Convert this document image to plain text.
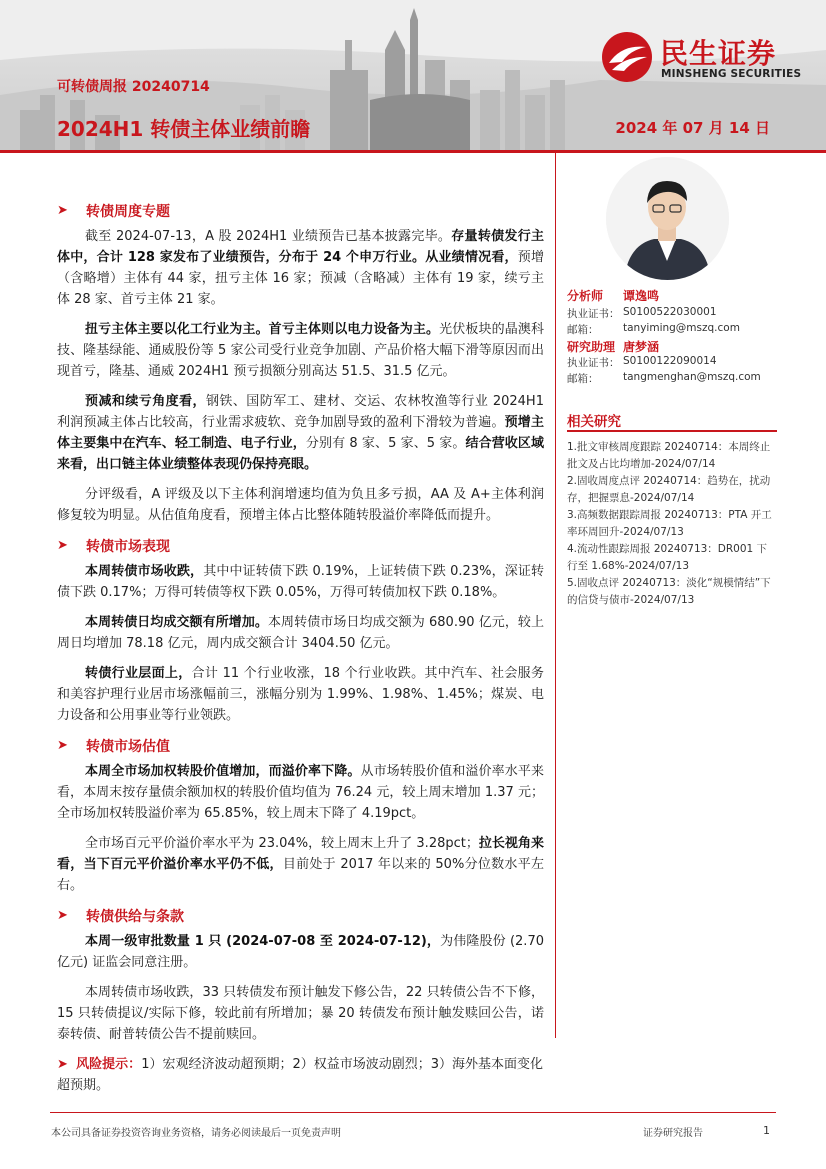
民生证券
MINSHENG SECURITIES
可转债周报 20240714
2024H1 转债主体业绩前瞻	2024 年 07 月 14 日
➤ 转债周度专题

截至 2024-07-13，A 股 2024H1 业绩预告已基本披露完毕。存量转债发行主体中，合计 128 家发布了业绩预告，分布于 24 个申万行业。从业绩情况看，预增（含略增）主体有 44 家，扭亏主体 16 家；预减（含略减）主体有 19 家，续亏主体 28 家、首亏主体 21 家。

扭亏主体主要以化工行业为主。首亏主体则以电力设备为主。光伏板块的晶澳科技、隆基绿能、通威股份等 5 家公司受行业竞争加剧、产品价格大幅下滑等原因而出现首亏，隆基、通威 2024H1 预亏损额分别高达 51.5、31.5 亿元。

预减和续亏角度看，钢铁、国防军工、建材、交运、农林牧渔等行业 2024H1 利润预减主体占比较高，行业需求疲软、竞争加剧导致的盈利下滑较为普遍。预增主体主要集中在汽车、轻工制造、电子行业，分别有 8 家、5 家、5 家。结合营收区域来看，出口链主体业绩整体表现仍保持亮眼。

分评级看，A 评级及以下主体利润增速均值为负且多亏损，AA 及 A+主体利润修复较为明显。从估值角度看，预增主体占比整体随转股溢价率降低而提升。

➤ 转债市场表现

本周转债市场收跌，其中中证转债下跌 0.19%，上证转债下跌 0.23%，深证转债下跌 0.17%；万得可转债等权下跌 0.05%，万得可转债加权下跌 0.18%。

本周转债日均成交额有所增加。本周转债市场日均成交额为 680.90 亿元，较上周日均增加 78.18 亿元，周内成交额合计 3404.50 亿元。

转债行业层面上，合计 11 个行业收涨，18 个行业收跌。其中汽车、社会服务和美容护理行业居市场涨幅前三，涨幅分别为 1.99%、1.98%、1.45%；煤炭、电力设备和公用事业等行业领跌。

➤ 转债市场估值

本周全市场加权转股价值增加，而溢价率下降。从市场转股价值和溢价率水平来看，本周末按存量债余额加权的转股价值均值为 76.24 元，较上周末增加 1.37 元；全市场加权转股溢价率为 65.85%，较上周末下降了 4.19pct。

全市场百元平价溢价率水平为 23.04%，较上周末上升了 3.28pct；拉长视角来看，当下百元平价溢价率水平仍不低，目前处于 2017 年以来的 50%分位数水平左右。

➤ 转债供给与条款

本周一级审批数量 1 只 (2024-07-08 至 2024-07-12)，为伟隆股份 (2.70 亿元) 证监会同意注册。

本周转债市场收跌，33 只转债发布预计触发下修公告，22 只转债公告不下修，15 只转债提议/实际下修，较此前有所增加；暴 20 转债发布预计触发赎回公告，诺泰转债、耐普转债公告不提前赎回。

➤ 风险提示：1）宏观经济波动超预期；2）权益市场波动剧烈；3）海外基本面变化超预期。

分析师 谭逸鸣
执业证书： S0100522030001
邮箱： tanyiming@mszq.com
研究助理 唐梦涵
执业证书： S0100122090014
邮箱： tangmenghan@mszq.com
相关研究
1.批文审核周度跟踪 20240714：本周终止批文及占比均增加-2024/07/14
2.固收周度点评 20240714：趋势在，扰动存，把握票息-2024/07/14
3.高频数据跟踪周报 20240713：PTA 开工率环周回升-2024/07/13
4.流动性跟踪周报 20240713：DR001 下行至 1.68%-2024/07/13
5.固收点评 20240713：淡化“规模情结”下的信贷与债市-2024/07/13
本公司具备证券投资咨询业务资格，请务必阅读最后一页免责声明	证券研究报告	1
